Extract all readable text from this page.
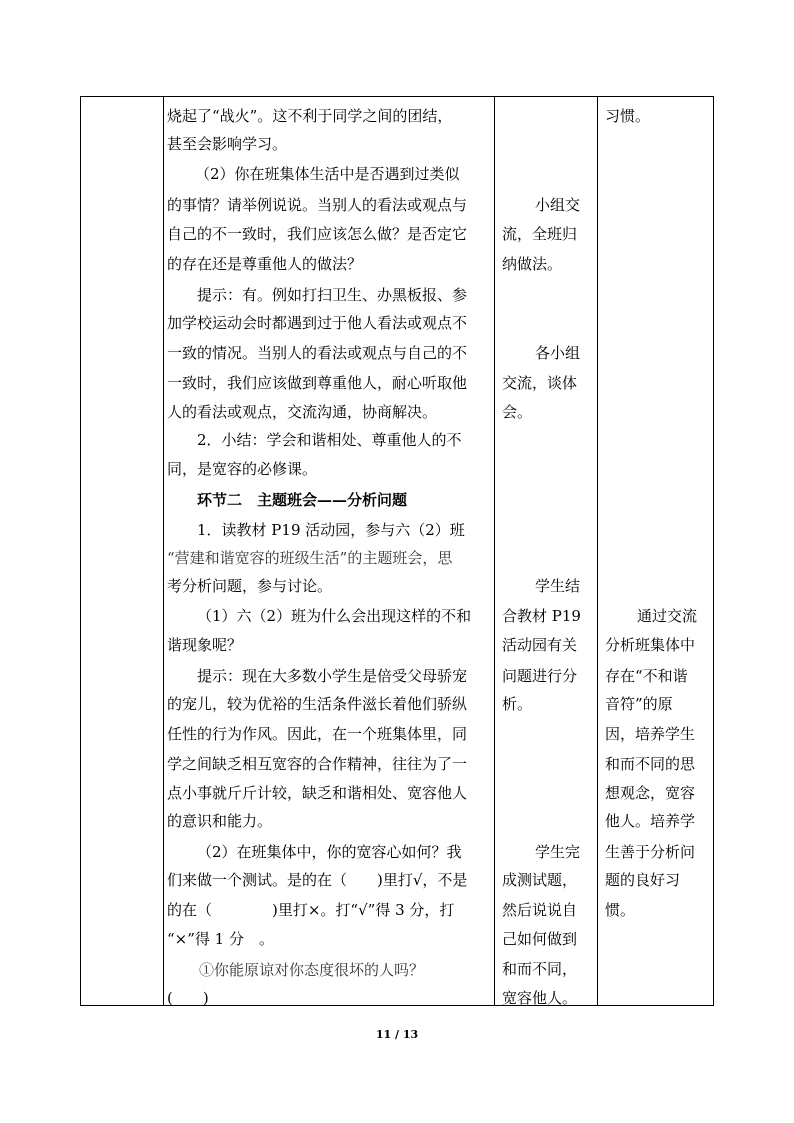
烧起了“战火”。这不利于同学之间的团结，
甚至会影响学习。
（2）你在班集体生活中是否遇到过类似
的事情？请举例说说。当别人的看法或观点与
自己的不一致时，我们应该怎么做？是否定它
的存在还是尊重他人的做法？
提示：有。例如打扫卫生、办黑板报、参
加学校运动会时都遇到过于他人看法或观点不
一致的情况。当别人的看法或观点与自己的不
一致时，我们应该做到尊重他人，耐心听取他
人的看法或观点，交流沟通，协商解决。
2．小结：学会和谐相处、尊重他人的不
同，是宽容的必修课。
环节二　主题班会——分析问题
1．读教材 P19 活动园，参与六（2）班
“营建和谐宽容的班级生活”的主题班会，思
考分析问题，参与讨论。
（1）六（2）班为什么会出现这样的不和
谐现象呢？
提示：现在大多数小学生是倍受父母骄宠
的宠儿，较为优裕的生活条件滋长着他们骄纵
任性的行为作风。因此，在一个班集体里，同
学之间缺乏相互宽容的合作精神，往往为了一
点小事就斤斤计较，缺乏和谐相处、宽容他人
的意识和能力。
（2）在班集体中，你的宽容心如何？我
们来做一个测试。是的在（　　)里打√，不是
的在（　　　　)里打×。打“√”得 3 分，打
“×”得 1 分　。
①你能原谅对你态度很坏的人吗？
(　　)
小组交
流，全班归
纳做法。
各小组
交流，谈体
会。
学生结
合教材 P19
活动园有关
问题进行分
析。
学生完
成测试题，
然后说说自
己如何做到
和而不同，
宽容他人。
习惯。
通过交流
分析班集体中
存在“不和谐
音符”的原
因，培养学生
和而不同的思
想观念，宽容
他人。培养学
生善于分析问
题的良好习
惯。
11 / 13
